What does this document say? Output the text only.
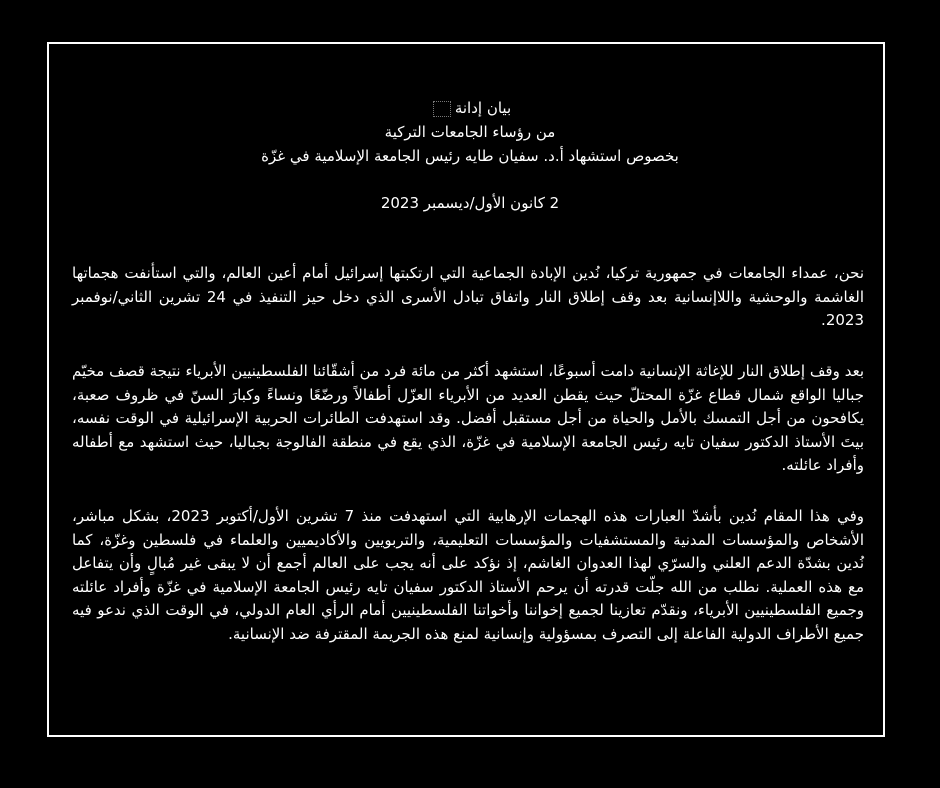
بيان إدانة
من رؤساء الجامعات التركية
بخصوص استشهاد أ.د. سفيان طايه رئيس الجامعة الإسلامية في غزّة
2 كانون الأول/ديسمبر 2023
نحن، عمداء الجامعات في جمهورية تركيا، نُدين الإبادة الجماعية التي ارتكبتها إسرائيل أمام أعين العالم، والتي استأنفت هجماتها الغاشمة والوحشية واللاإنسانية بعد وقف إطلاق النار واتفاق تبادل الأسرى الذي دخل حيز التنفيذ في 24 تشرين الثاني/نوفمبر 2023.
بعد وقف إطلاق النار للإغاثة الإنسانية دامت أسبوعًا، استشهد أكثر من مائة فرد من أشقّائنا الفلسطينيين الأبرياء نتيجة قصف مخيّم جباليا الواقع شمال قطاع غزّة المحتلّ حيث يقطن العديد من الأبرياء العزّل أطفالاً ورضّعًا ونساءً وكبارَ السنّ في ظروف صعبة، يكافحون من أجل التمسك بالأمل والحياة من أجل مستقبل أفضل. وقد استهدفت الطائرات الحربية الإسرائيلية في الوقت نفسه، بيتَ الأستاذ الدكتور سفيان تايه رئيس الجامعة الإسلامية في غزّة، الذي يقع في منطقة الفالوجة بجباليا، حيث استشهد مع أطفاله وأفراد عائلته.
وفي هذا المقام نُدين بأشدّ العبارات هذه الهجمات الإرهابية التي استهدفت منذ 7 تشرين الأول/أكتوبر 2023، بشكل مباشر، الأشخاص والمؤسسات المدنية والمستشفيات والمؤسسات التعليمية، والتربويين والأكاديميين والعلماء في فلسطين وغزّة، كما نُدين بشدّة الدعم العلني والسرّي لهذا العدوان الغاشم، إذ نؤكد على أنه يجب على العالم أجمع أن لا يبقى غير مُبالٍ وأن يتفاعل مع هذه العملية. نطلب من الله جلّت قدرته أن يرحم الأستاذ الدكتور سفيان تايه رئيس الجامعة الإسلامية في غزّة وأفراد عائلته وجميع الفلسطينيين الأبرياء، ونقدّم تعازينا لجميع إخواننا وأخواتنا الفلسطينيين أمام الرأي العام الدولي، في الوقت الذي ندعو فيه جميع الأطراف الدولية الفاعلة إلى التصرف بمسؤولية وإنسانية لمنع هذه الجريمة المقترفة ضد الإنسانية.
